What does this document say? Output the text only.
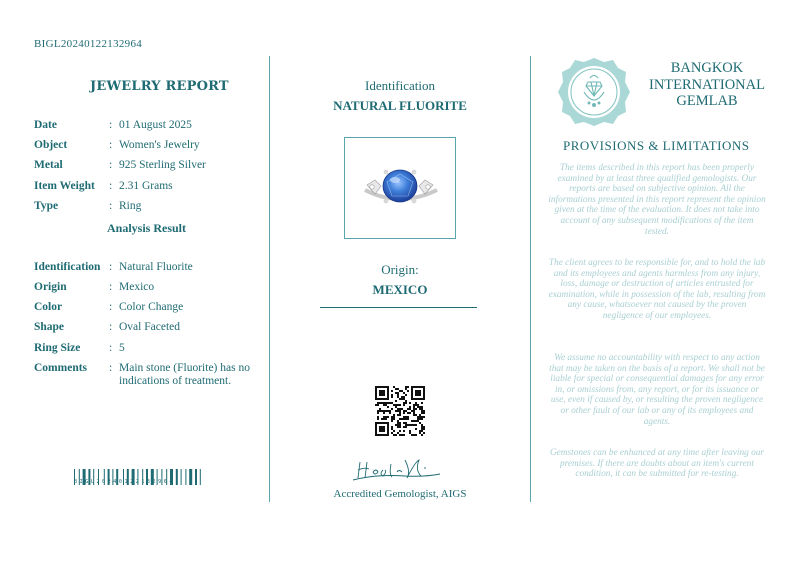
BIGL20240122132964
JEWELRY REPORT
Date	: 01 August 2025
Object	: Women's Jewelry
Metal	: 925 Sterling Silver
Item Weight : 2.31 Grams
Type	: Ring
Analysis Result
Identification : Natural Fluorite
Origin	: Mexico
Color	: Color Change
Shape	: Oval Faceted
Ring Size : 5
Comments : Main stone (Fluorite) has no indications of treatment.
BIGL20240122132964
Identification
NATURAL FLUORITE
Origin:
MEXICO
Accredited Gemologist, AIGS
BANGKOK
INTERNATIONAL
GEMLAB
PROVISIONS & LIMITATIONS
The items described in this report has been properly examined by at least three qualified gemologists. Our reports are based on subjective opinion. All the informations presented in this report represent the opinion given at the time of the evaluation. It does not take into account of any subsequent modifications of the item tested.
The client agrees to be responsible for, and to hold the lab and its employees and agents harmless from any injury, loss, damage or destruction of articles entrusted for examination, while in possession of the lab, resulting from any cause, whatsoever not caused by the proven negligence of our employees.
We assume no accountability with respect to any action that may be taken on the basis of a report. We shall not be liable for special or consequential damages for any error in, or omissions from, any report, or for its issuance or use, even if caused by, or resulting the proven negligence or other fault of our lab or any of its employees and agents.
Gemstones can be enhanced at any time after leaving our premises. If there are doubts about an item's current condition, it can be submitted for re-testing.
